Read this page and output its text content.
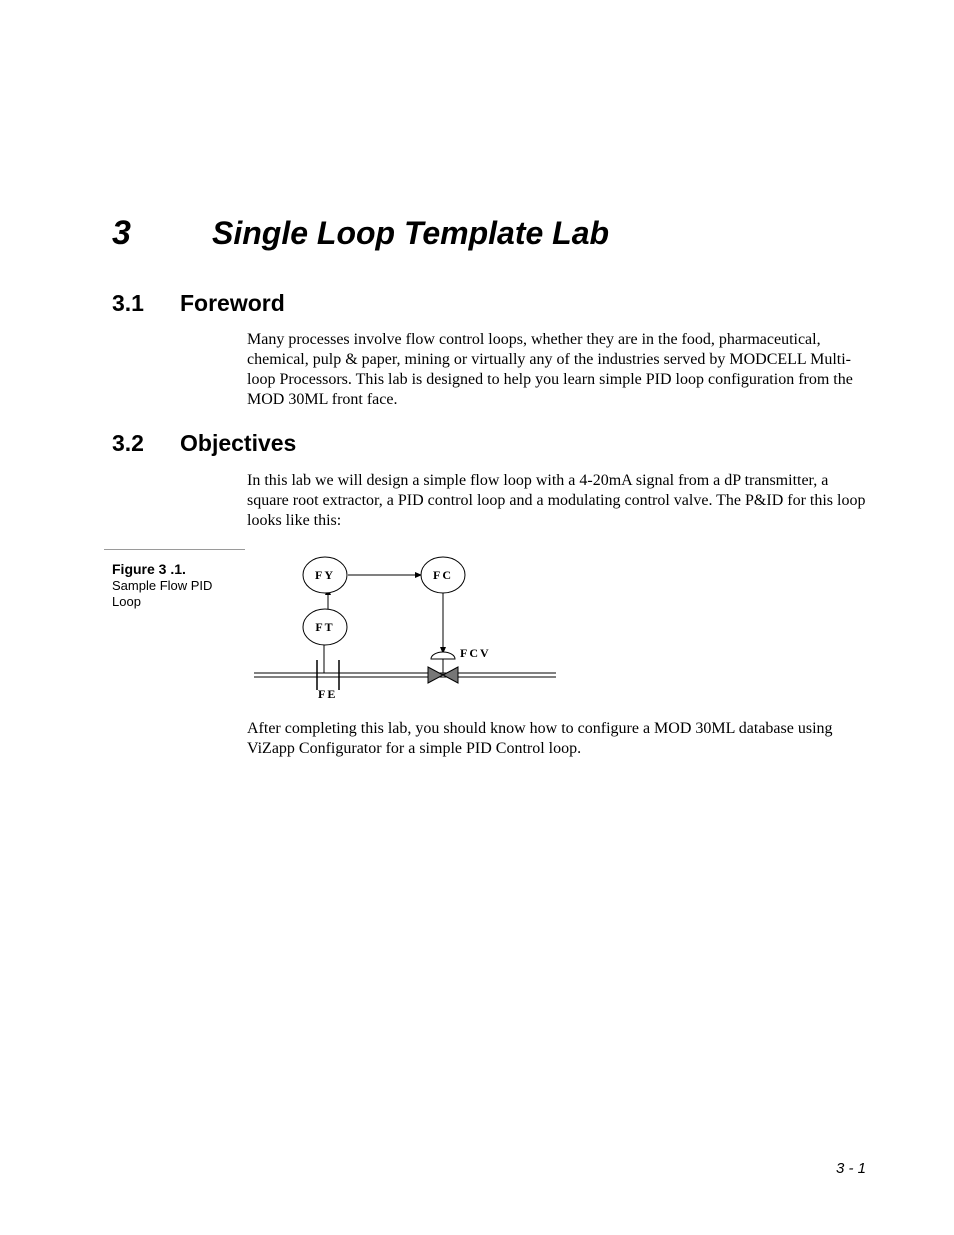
3	Single Loop Template Lab
3.1 Foreword

Many processes involve flow control loops, whether they are in the food, pharmaceutical, chemical, pulp & paper, mining or virtually any of the industries served by MODCELL Multi-loop Processors. This lab is designed to help you learn simple PID loop configuration from the MOD 30ML front face.

3.2 Objectives

In this lab we will design a simple flow loop with a 4-20mA signal from a dP transmitter, a square root extractor, a PID control loop and a modulating control valve. The P&ID for this loop looks like this:

Figure 3 .1.

Sample Flow PID Loop

FY	FC
FT
FCV
FE

After completing this lab, you should know how to configure a MOD 30ML database using ViZapp Configurator for a simple PID Control loop.

3 - 1
